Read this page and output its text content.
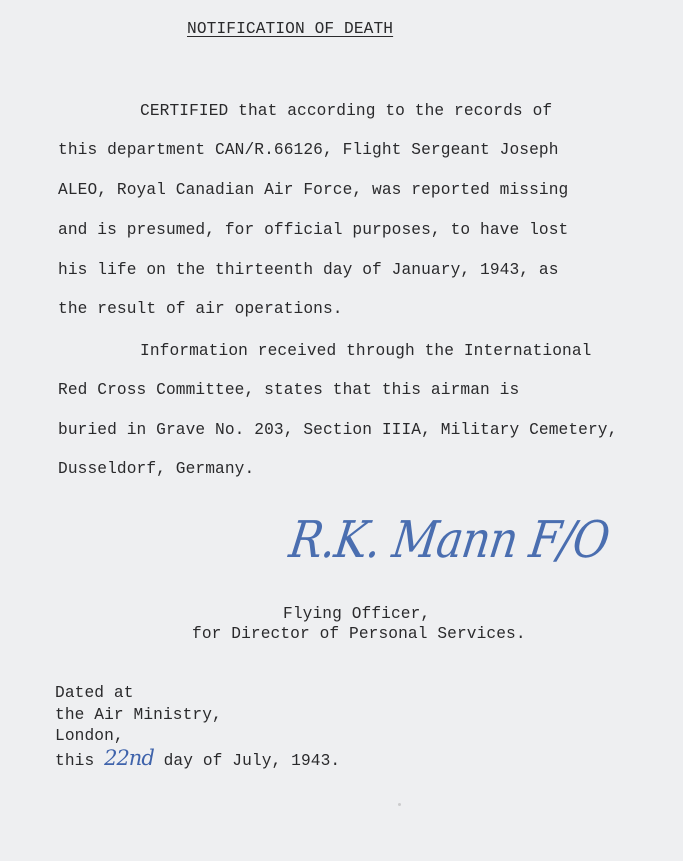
NOTIFICATION OF DEATH
CERTIFIED that according to the records of
this department CAN/R.66126, Flight Sergeant Joseph
ALEO, Royal Canadian Air Force, was reported missing
and is presumed, for official purposes, to have lost
his life on the thirteenth day of January, 1943, as
the result of air operations.
Information received through the International
Red Cross Committee, states that this airman is
buried in Grave No. 203, Section IIIA, Military Cemetery,
Dusseldorf, Germany.
R.K. Mann F/O
Flying Officer,
for Director of Personal Services.
Dated at
the Air Ministry,
London,
this 22nd day of July, 1943.
